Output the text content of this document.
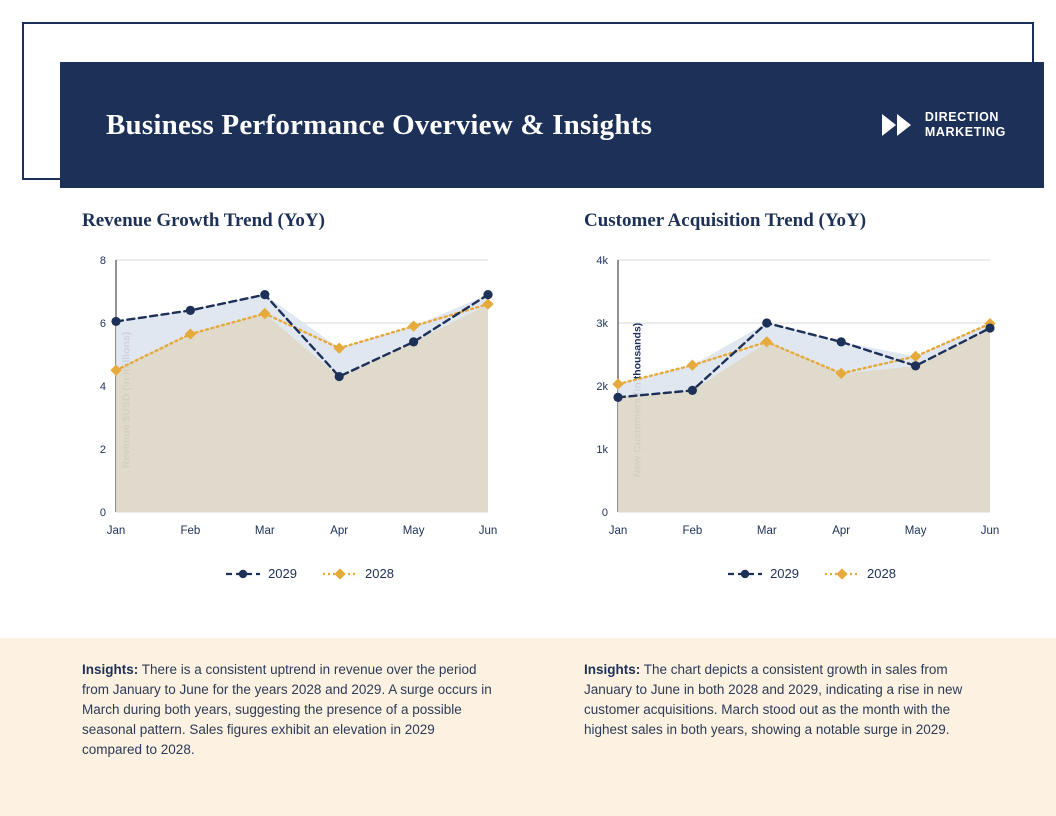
Business Performance Overview & Insights	DIRECTION
MARKETING
Revenue Growth Trend (YoY)
0
2
4
6
8
Jan	Feb	Mar	Apr	May	Jun
2029	2028
Customer Acquisition Trend (YoY)
0
1k
2k
3k
4k
Jan	Feb	Mar	Apr	May	Jun
2029	2028
Insights: There is a consistent uptrend in revenue over the period from January to June for the years 2028 and 2029. A surge occurs in March during both years, suggesting the presence of a possible seasonal pattern. Sales figures exhibit an elevation in 2029 compared to 2028.
Insights: The chart depicts a consistent growth in sales from January to June in both 2028 and 2029, indicating a rise in new customer acquisitions. March stood out as the month with the highest sales in both years, showing a notable surge in 2029.
